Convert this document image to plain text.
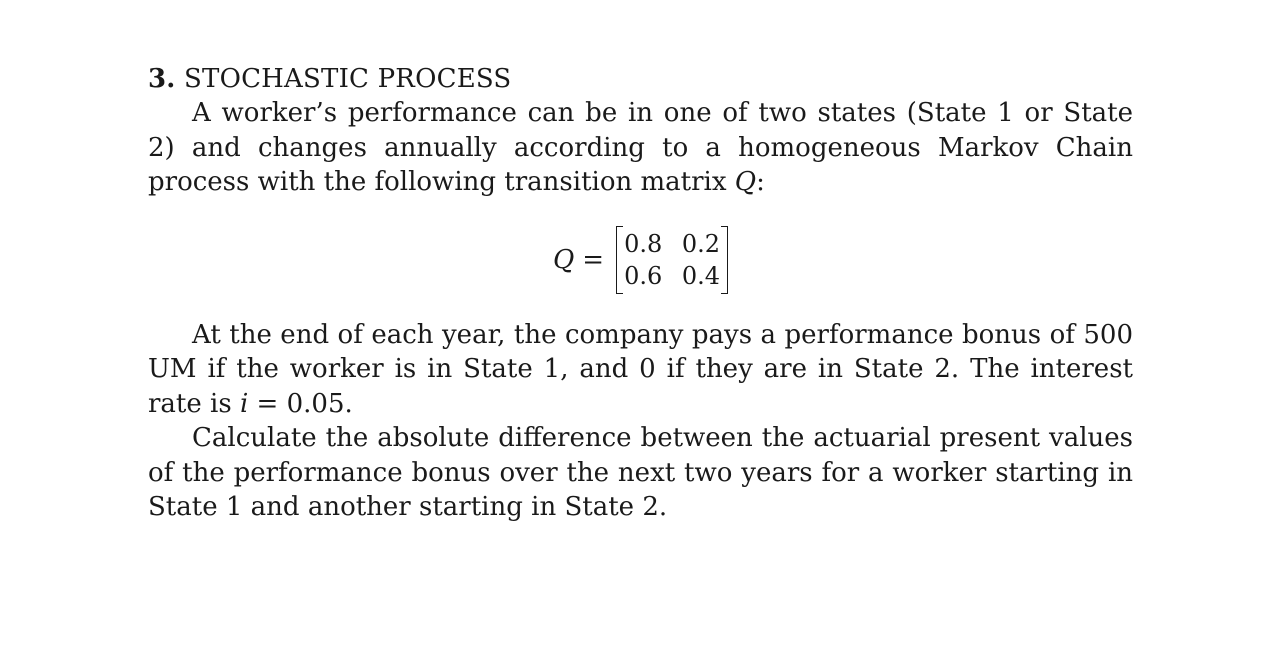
3. STOCHASTIC PROCESS

A worker’s performance can be in one of two states (State 1 or State 2) and changes annually according to a homogeneous Markov Chain process with the following transition matrix Q:

Q =
0.8 0.2
0.6 0.4

At the end of each year, the company pays a performance bonus of 500 UM if the worker is in State 1, and 0 if they are in State 2. The interest rate is i = 0.05.

Calculate the absolute difference between the actuarial present values of the performance bonus over the next two years for a worker starting in State 1 and another starting in State 2.
